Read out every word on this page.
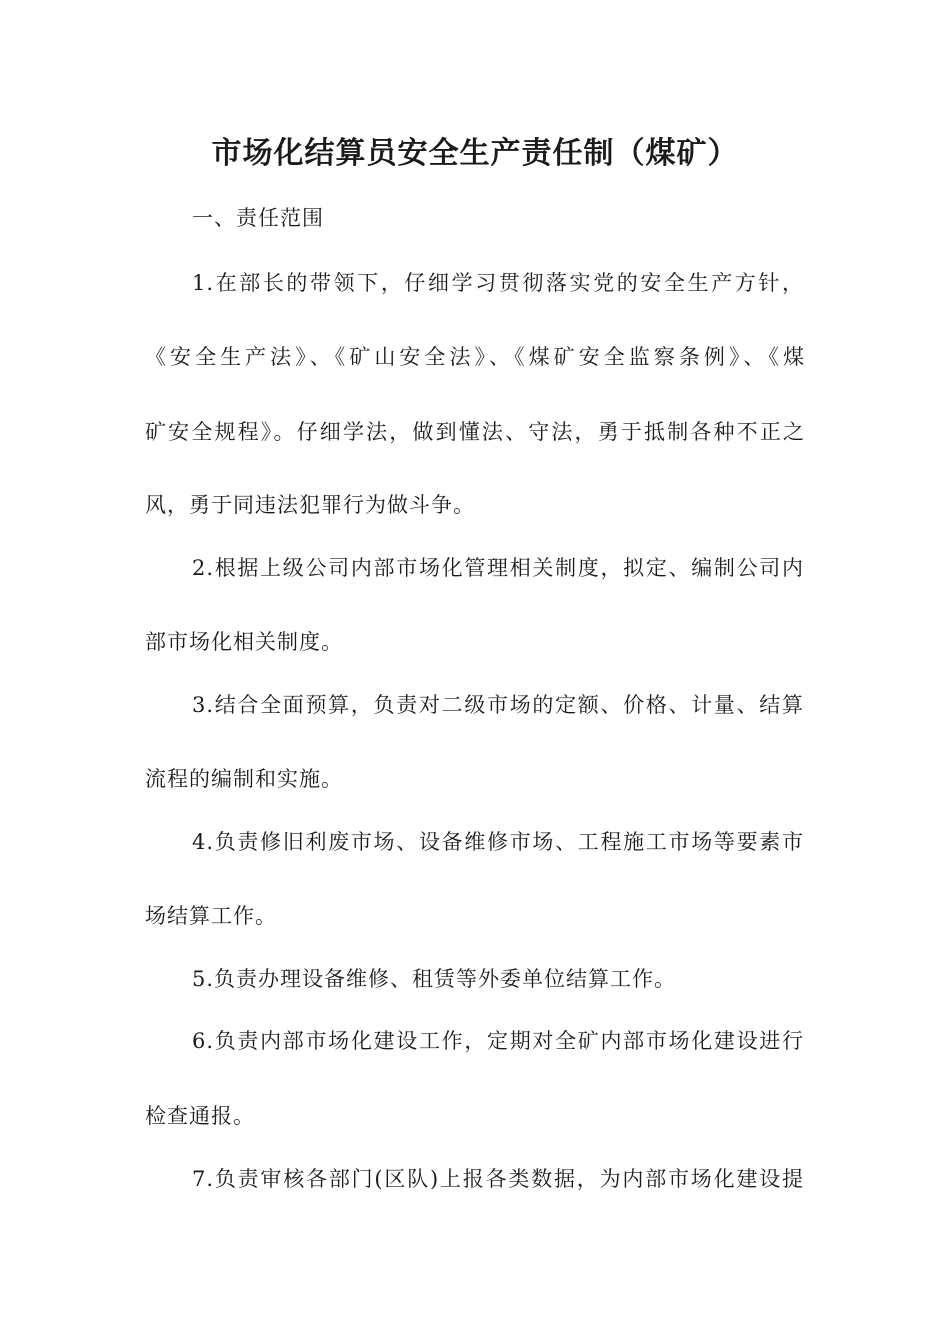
市场化结算员安全生产责任制（煤矿）
一、责任范围
1.在部长的带领下，仔细学习贯彻落实党的安全生产方针，
《安全生产法》、《矿山安全法》、《煤矿安全监察条例》、《煤
矿安全规程》。仔细学法，做到懂法、守法，勇于抵制各种不正之
风，勇于同违法犯罪行为做斗争。
2.根据上级公司内部市场化管理相关制度，拟定、编制公司内
部市场化相关制度。
3.结合全面预算，负责对二级市场的定额、价格、计量、结算
流程的编制和实施。
4.负责修旧利废市场、设备维修市场、工程施工市场等要素市
场结算工作。
5.负责办理设备维修、租赁等外委单位结算工作。
6.负责内部市场化建设工作，定期对全矿内部市场化建设进行
检查通报。
7.负责审核各部门(区队)上报各类数据，为内部市场化建设提
